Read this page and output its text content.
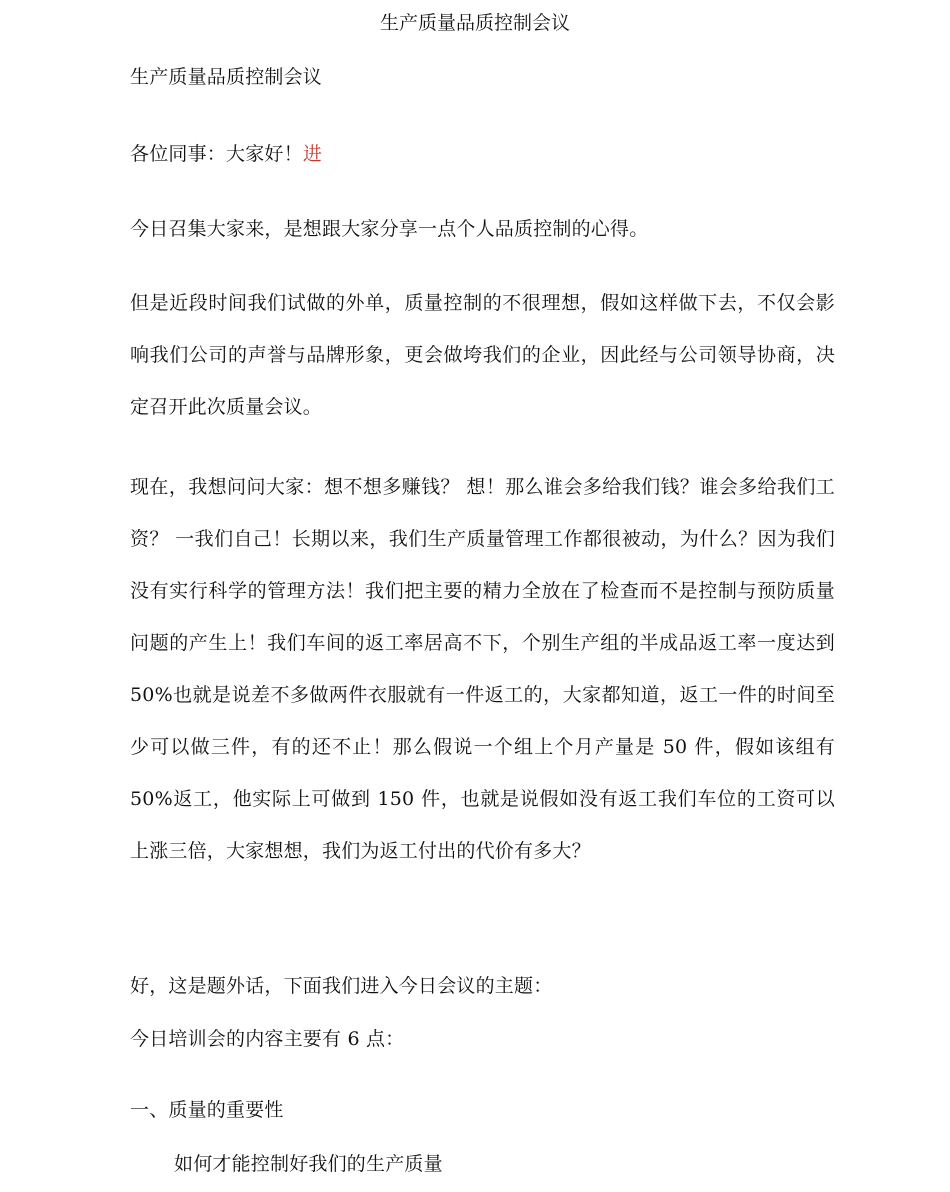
生产质量品质控制会议

生产质量品质控制会议

各位同事：大家好！进

今日召集大家来，是想跟大家分享一点个人品质控制的心得。

但是近段时间我们试做的外单，质量控制的不很理想，假如这样做下去，不仅会影响我们公司的声誉与品牌形象，更会做垮我们的企业，因此经与公司领导协商，决定召开此次质量会议。

现在，我想问问大家：想不想多赚钱？ 想！那么谁会多给我们钱？谁会多给我们工资？ 一我们自己！长期以来，我们生产质量管理工作都很被动，为什么？因为我们没有实行科学的管理方法！我们把主要的精力全放在了检查而不是控制与预防质量问题的产生上！我们车间的返工率居高不下，个别生产组的半成品返工率一度达到 50%也就是说差不多做两件衣服就有一件返工的，大家都知道，返工一件的时间至少可以做三件，有的还不止！那么假说一个组上个月产量是 50 件，假如该组有 50%返工，他实际上可做到 150 件，也就是说假如没有返工我们车位的工资可以上涨三倍，大家想想，我们为返工付出的代价有多大？

好，这是题外话，下面我们进入今日会议的主题：

今日培训会的内容主要有 6 点：

一、质量的重要性

如何才能控制好我们的生产质量
